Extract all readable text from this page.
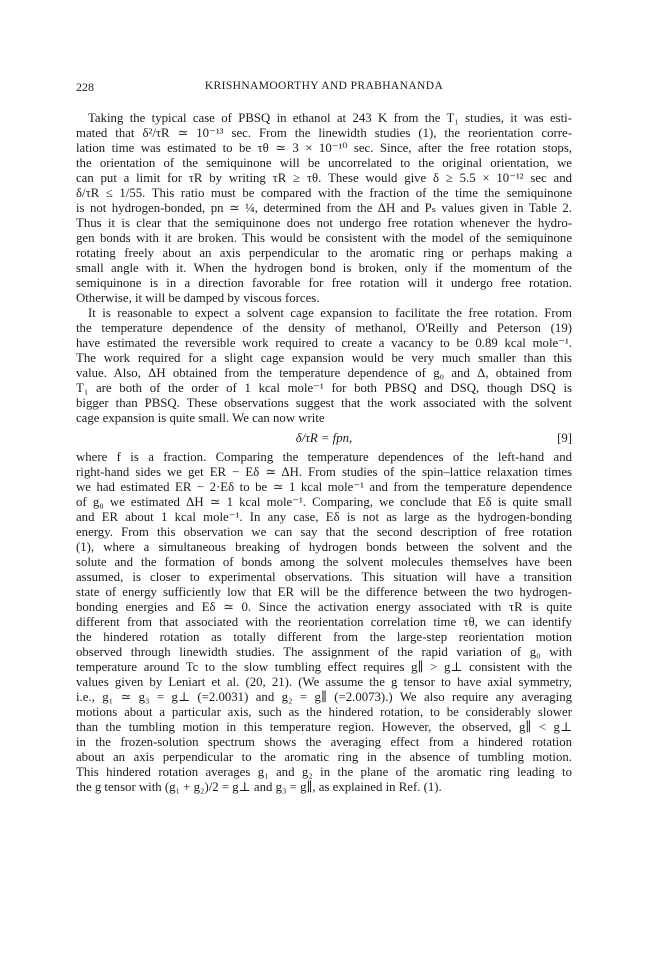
228	KRISHNAMOORTHY AND PRABHANANDA
Taking the typical case of PBSQ in ethanol at 243 K from the T₁ studies, it was esti-
mated that δ²/τR ≃ 10⁻¹³ sec. From the linewidth studies (1), the reorientation corre-
lation time was estimated to be τθ ≃ 3 × 10⁻¹⁰ sec. Since, after the free rotation stops,
the orientation of the semiquinone will be uncorrelated to the original orientation, we
can put a limit for τR by writing τR ≥ τθ. These would give δ ≥ 5.5 × 10⁻¹² sec and
δ/τR ≤ 1/55. This ratio must be compared with the fraction of the time the semiquinone
is not hydrogen-bonded, pn ≃ ¼, determined from the ΔH and Pₛ values given in Table 2.
Thus it is clear that the semiquinone does not undergo free rotation whenever the hydro-
gen bonds with it are broken. This would be consistent with the model of the semiquinone
rotating freely about an axis perpendicular to the aromatic ring or perhaps making a
small angle with it. When the hydrogen bond is broken, only if the momentum of the
semiquinone is in a direction favorable for free rotation will it undergo free rotation.
Otherwise, it will be damped by viscous forces.
It is reasonable to expect a solvent cage expansion to facilitate the free rotation. From
the temperature dependence of the density of methanol, O'Reilly and Peterson (19)
have estimated the reversible work required to create a vacancy to be 0.89 kcal mole⁻¹.
The work required for a slight cage expansion would be very much smaller than this
value. Also, ΔH obtained from the temperature dependence of g₀ and Δ, obtained from
T₁ are both of the order of 1 kcal mole⁻¹ for both PBSQ and DSQ, though DSQ is
bigger than PBSQ. These observations suggest that the work associated with the solvent
cage expansion is quite small. We can now write
δ/τR = fpn,	[9]
where f is a fraction. Comparing the temperature dependences of the left-hand and
right-hand sides we get ER − Eδ ≃ ΔH. From studies of the spin–lattice relaxation times
we had estimated ER − 2·Eδ to be ≃ 1 kcal mole⁻¹ and from the temperature dependence
of g₀ we estimated ΔH ≃ 1 kcal mole⁻¹. Comparing, we conclude that Eδ is quite small
and ER about 1 kcal mole⁻¹. In any case, Eδ is not as large as the hydrogen-bonding
energy. From this observation we can say that the second description of free rotation
(1), where a simultaneous breaking of hydrogen bonds between the solvent and the
solute and the formation of bonds among the solvent molecules themselves have been
assumed, is closer to experimental observations. This situation will have a transition
state of energy sufficiently low that ER will be the difference between the two hydrogen-
bonding energies and Eδ ≃ 0. Since the activation energy associated with τR is quite
different from that associated with the reorientation correlation time τθ, we can identify
the hindered rotation as totally different from the large-step reorientation motion
observed through linewidth studies. The assignment of the rapid variation of g₀ with
temperature around Tc to the slow tumbling effect requires g∥ > g⊥ consistent with the
values given by Leniart et al. (20, 21). (We assume the g tensor to have axial symmetry,
i.e., g₁ ≃ g₃ = g⊥ (=2.0031) and g₂ = g∥ (=2.0073).) We also require any averaging
motions about a particular axis, such as the hindered rotation, to be considerably slower
than the tumbling motion in this temperature region. However, the observed, g∥ < g⊥
in the frozen-solution spectrum shows the averaging effect from a hindered rotation
about an axis perpendicular to the aromatic ring in the absence of tumbling motion.
This hindered rotation averages g₁ and g₂ in the plane of the aromatic ring leading to
the g tensor with (g₁ + g₂)/2 = g⊥ and g₃ = g∥, as explained in Ref. (1).
